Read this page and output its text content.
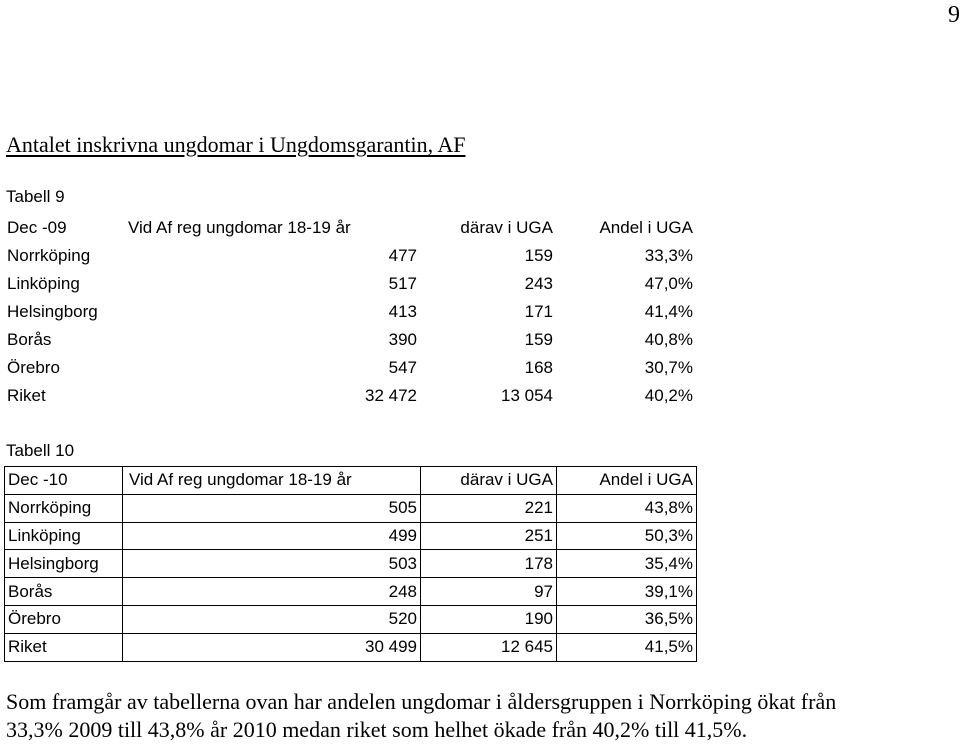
9
Antalet inskrivna ungdomar i Ungdomsgarantin, AF
Tabell 9
Dec -09	Vid Af reg ungdomar 18-19 år	därav i UGA	Andel i UGA
Norrköping	477	159	33,3%
Linköping	517	243	47,0%
Helsingborg	413	171	41,4%
Borås	390	159	40,8%
Örebro	547	168	30,7%
Riket	32 472	13 054	40,2%
Tabell 10
Dec -10	Vid Af reg ungdomar 18-19 år	därav i UGA	Andel i UGA
Norrköping	505	221	43,8%
Linköping	499	251	50,3%
Helsingborg	503	178	35,4%
Borås	248	97	39,1%
Örebro	520	190	36,5%
Riket	30 499	12 645	41,5%
Som framgår av tabellerna ovan har andelen ungdomar i åldersgruppen i Norrköping ökat från
33,3% 2009 till 43,8% år 2010 medan riket som helhet ökade från 40,2% till 41,5%.
